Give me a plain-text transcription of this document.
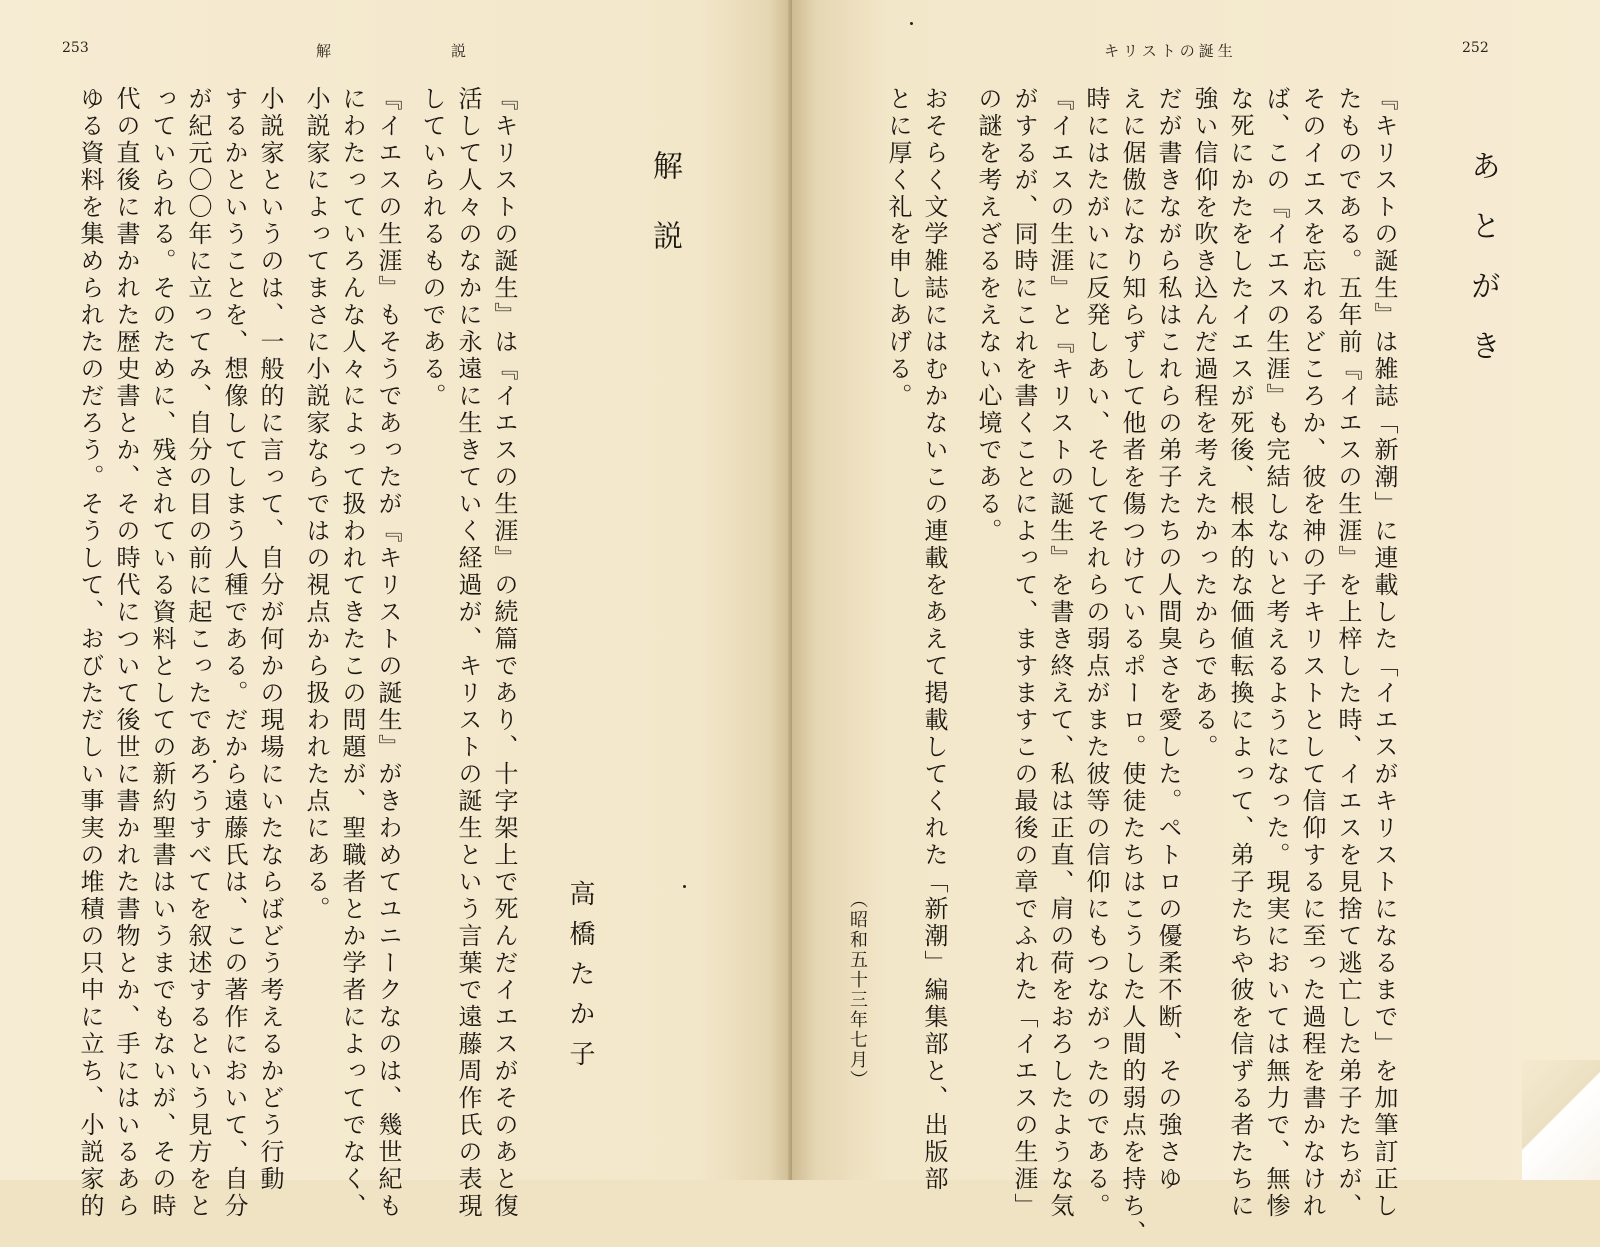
253	解　　　　　　　　説
解説
高橋たか子
『キリストの誕生』は『イエスの生涯』の続篇であり、十字架上で死んだイエスがそのあと復
活して人々のなかに永遠に生きていく経過が、キリストの誕生という言葉で遠藤周作氏の表現
していられるものである。
『イエスの生涯』もそうであったが『キリストの誕生』がきわめてユニークなのは、幾世紀も
にわたっていろんな人々によって扱われてきたこの問題が、聖職者とか学者によってでなく、
小説家によってまさに小説家ならではの視点から扱われた点にある。
小説家というのは、一般的に言って、自分が何かの現場にいたならばどう考えるかどう行動
するかということを、想像してしまう人種である。だから遠藤氏は、この著作において、自分
が紀元〇〇年に立ってみ、自分の目の前に起こったであろうすべてを叙述するという見方をと
っていられる。そのために、残されている資料としての新約聖書はいうまでもないが、その時
代の直後に書かれた歴史書とか、その時代について後世に書かれた書物とか、手にはいるあら
ゆる資料を集められたのだろう。そうして、おびただしい事実の堆積の只中に立ち、小説家的
キリストの誕生	252
あとがき
『キリストの誕生』は雑誌「新潮」に連載した「イエスがキリストになるまで」を加筆訂正し
たものである。五年前『イエスの生涯』を上梓した時、イエスを見捨て逃亡した弟子たちが、
そのイエスを忘れるどころか、彼を神の子キリストとして信仰するに至った過程を書かなけれ
ば、この『イエスの生涯』も完結しないと考えるようになった。現実においては無力で、無惨
な死にかたをしたイエスが死後、根本的な価値転換によって、弟子たちや彼を信ずる者たちに
強い信仰を吹き込んだ過程を考えたかったからである。
だが書きながら私はこれらの弟子たちの人間臭さを愛した。ペトロの優柔不断、その強さゆ
えに倨傲になり知らずして他者を傷つけているポーロ。使徒たちはこうした人間的弱点を持ち、
時にはたがいに反発しあい、そしてそれらの弱点がまた彼等の信仰にもつながったのである。
『イエスの生涯』と『キリストの誕生』を書き終えて、私は正直、肩の荷をおろしたような気
がするが、同時にこれを書くことによって、ますますこの最後の章でふれた「イエスの生涯」
の謎を考えざるをえない心境である。
おそらく文学雑誌にはむかないこの連載をあえて掲載してくれた「新潮」編集部と、出版部
とに厚く礼を申しあげる。
（昭和五十三年七月）
